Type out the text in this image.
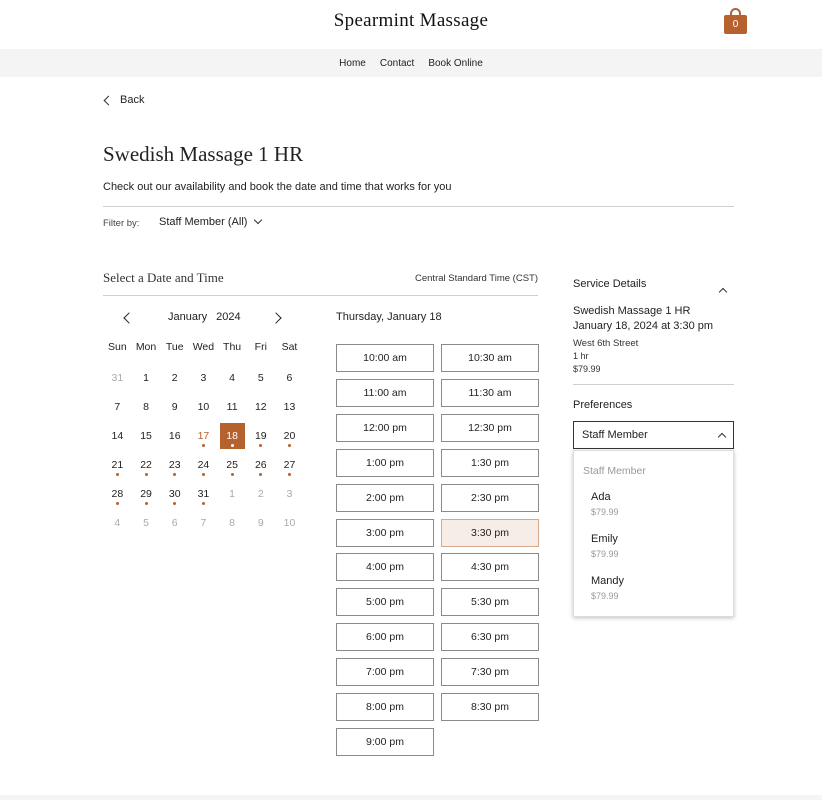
Spearmint Massage	0
Home Contact Book Online
Back
Swedish Massage 1 HR
Check out our availability and book the date and time that works for you
Filter by: Staff Member (All)
Select a Date and Time	Central Standard Time (CST)
January 2024
Sun Mon Tue Wed Thu	Fri	Sat
31	1	2	3	4	5	6
7	8	9	10	11	12	13
14	15	16	17	18	19	20
21	22	23	24	25	26	27
28	29	30	31	1	2	3
4	5	6	7	8	9	10
Thursday, January 18
10:00 am	10:30 am
11:00 am	11:30 am
12:00 pm	12:30 pm
1:00 pm	1:30 pm
2:00 pm	2:30 pm
3:00 pm	3:30 pm
4:00 pm	4:30 pm
5:00 pm	5:30 pm
6:00 pm	6:30 pm
7:00 pm	7:30 pm
8:00 pm	8:30 pm
9:00 pm
Service Details
Swedish Massage 1 HR
January 18, 2024 at 3:30 pm
West 6th Street
1 hr
$79.99
Preferences
Staff Member
Staff Member
Ada
$79.99
Emily
$79.99
Mandy
$79.99
